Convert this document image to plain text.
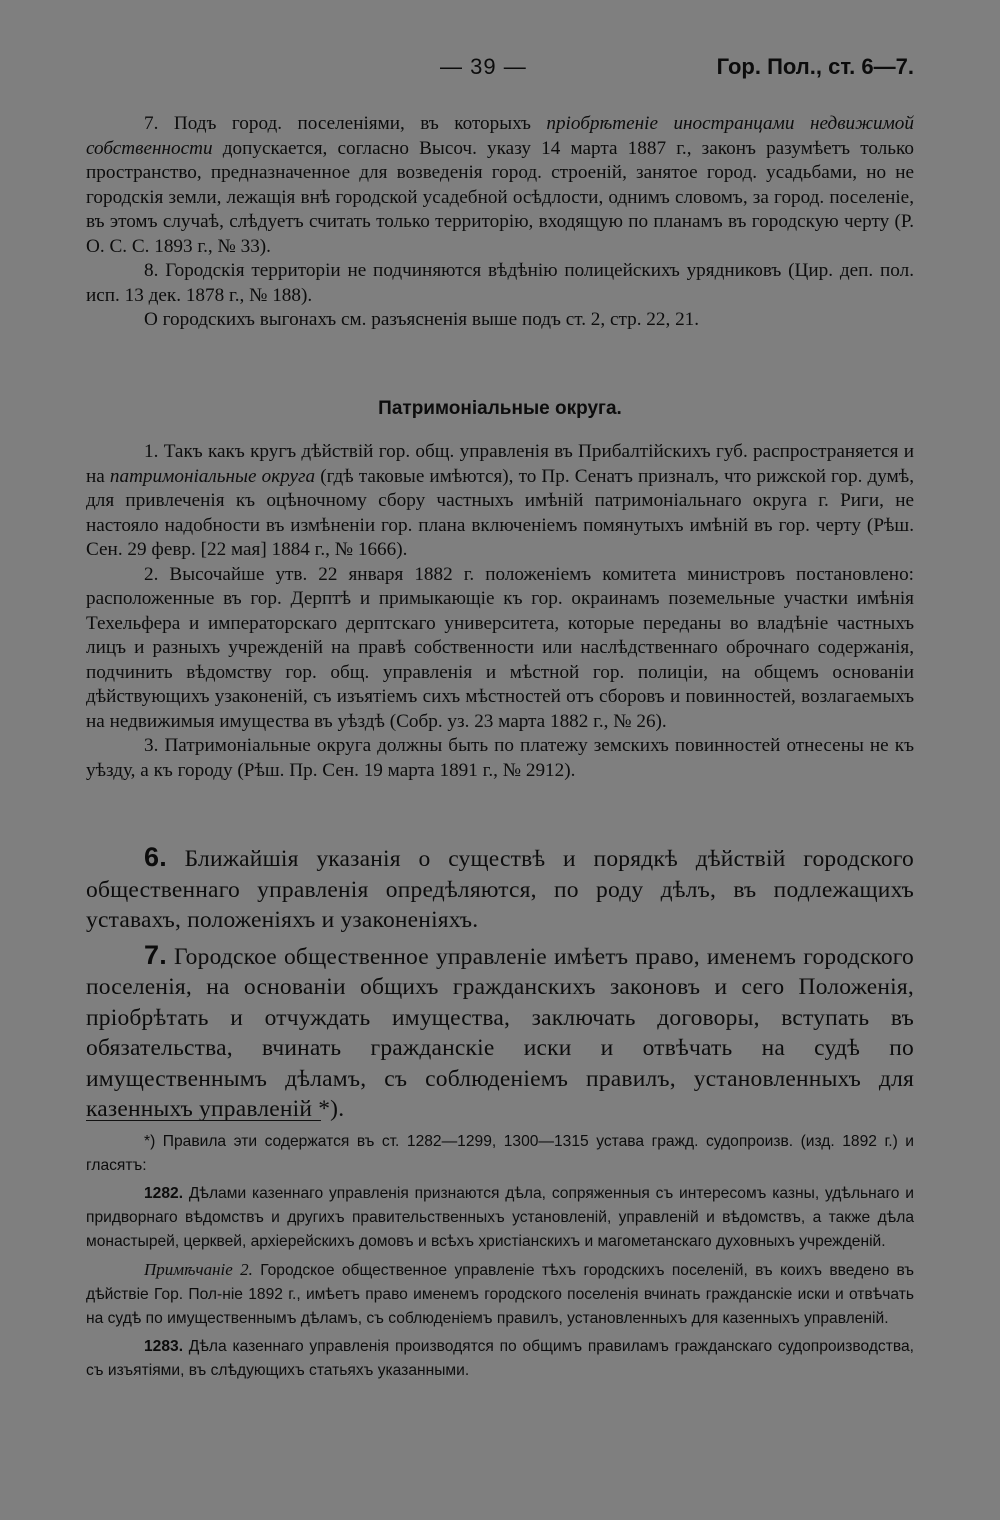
— 39 —	Гор. Пол., ст. 6—7.

7. Подъ город. поселеніями, въ которыхъ пріобрѣтеніе иностранцами недвижимой собственности допускается, согласно Высоч. указу 14 марта 1887 г., законъ разумѣетъ только пространство, предназначенное для возведенія город. строеній, занятое город. усадьбами, но не городскія земли, лежащія внѣ городской усадебной осѣдлости, однимъ словомъ, за город. поселеніе, въ этомъ случаѣ, слѣдуетъ считать только территорію, входящую по планамъ въ городскую черту (Р. О. С. С. 1893 г., № 33).

8. Городскія территоріи не подчиняются вѣдѣнію полицейскихъ урядниковъ (Цир. деп. пол. исп. 13 дек. 1878 г., № 188).

О городскихъ выгонахъ см. разъясненія выше подъ ст. 2, стр. 22, 21.

Патримоніальные округа.

1. Такъ какъ кругъ дѣйствій гор. общ. управленія въ Прибалтійскихъ губ. распространяется и на патримоніальные округа (гдѣ таковые имѣются), то Пр. Сенатъ призналъ, что рижской гор. думѣ, для привлеченія къ оцѣночному сбору частныхъ имѣній патримоніальнаго округа г. Риги, не настояло надобности въ измѣненіи гор. плана включеніемъ помянутыхъ имѣній въ гор. черту (Рѣш. Сен. 29 февр. [22 мая] 1884 г., № 1666).

2. Высочайше утв. 22 января 1882 г. положеніемъ комитета министровъ постановлено: расположенные въ гор. Дерптѣ и примыкающіе къ гор. окраинамъ поземельные участки имѣнія Техельфера и императорскаго дерптскаго университета, которые переданы во владѣніе частныхъ лицъ и разныхъ учрежденій на правѣ собственности или наслѣдственнаго оброчнаго содержанія, подчинить вѣдомству гор. общ. управленія и мѣстной гор. полиціи, на общемъ основаніи дѣйствующихъ узаконеній, съ изъятіемъ сихъ мѣстностей отъ сборовъ и повинностей, возлагаемыхъ на недвижимыя имущества въ уѣздѣ (Собр. уз. 23 марта 1882 г., № 26).

3. Патримоніальные округа должны быть по платежу земскихъ повинностей отнесены не къ уѣзду, а къ городу (Рѣш. Пр. Сен. 19 марта 1891 г., № 2912).

6. Ближайшія указанія о существѣ и порядкѣ дѣйствій городского общественнаго управленія опредѣляются, по роду дѣлъ, въ подлежащихъ уставахъ, положеніяхъ и узаконеніяхъ.

7. Городское общественное управленіе имѣетъ право, именемъ городского поселенія, на основаніи общихъ гражданскихъ законовъ и сего Положенія, пріобрѣтать и отчуждать имущества, заключать договоры, вступать въ обязательства, вчинать гражданскіе иски и отвѣчать на судѣ по имущественнымъ дѣламъ, съ соблюденіемъ правилъ, установленныхъ для казенныхъ управленій *).

*) Правила эти содержатся въ ст. 1282—1299, 1300—1315 устава гражд. судопроизв. (изд. 1892 г.) и гласятъ:

1282. Дѣлами казеннаго управленія признаются дѣла, сопряженныя съ интересомъ казны, удѣльнаго и придворнаго вѣдомствъ и другихъ правительственныхъ установленій, управленій и вѣдомствъ, а также дѣла монастырей, церквей, архіерейскихъ домовъ и всѣхъ христіанскихъ и магометанскаго духовныхъ учрежденій.

Примѣчаніе 2. Городское общественное управленіе тѣхъ городскихъ поселеній, въ коихъ введено въ дѣйствіе Гор. Пол-ніе 1892 г., имѣетъ право именемъ городского поселенія вчинать гражданскіе иски и отвѣчать на судѣ по имущественнымъ дѣламъ, съ соблюденіемъ правилъ, установленныхъ для казенныхъ управленій.

1283. Дѣла казеннаго управленія производятся по общимъ правиламъ гражданскаго судопроизводства, съ изъятіями, въ слѣдующихъ статьяхъ указанными.
